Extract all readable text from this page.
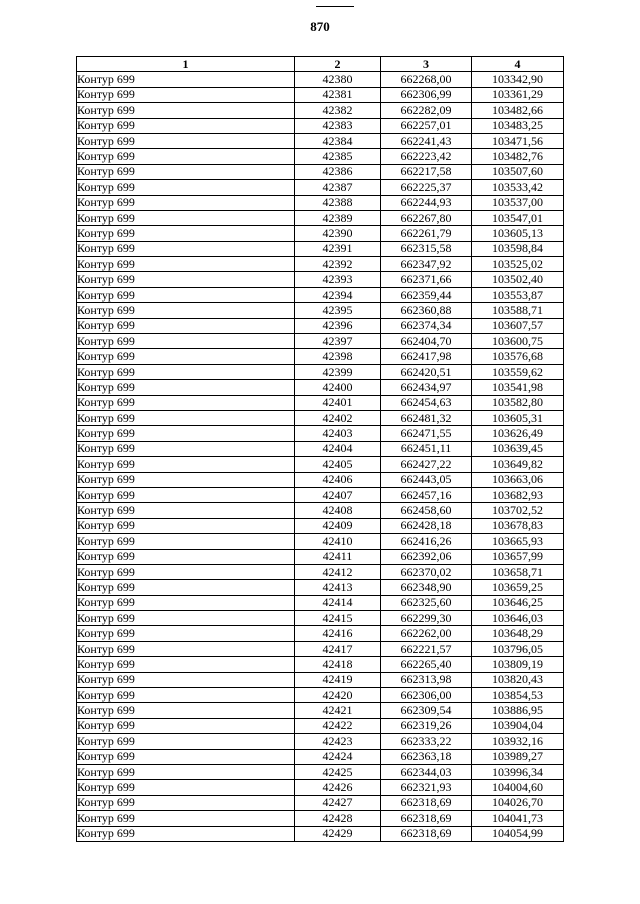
870
1	2	3	4
Контур 699	42380	662268,00	103342,90
Контур 699	42381	662306,99	103361,29
Контур 699	42382	662282,09	103482,66
Контур 699	42383	662257,01	103483,25
Контур 699	42384	662241,43	103471,56
Контур 699	42385	662223,42	103482,76
Контур 699	42386	662217,58	103507,60
Контур 699	42387	662225,37	103533,42
Контур 699	42388	662244,93	103537,00
Контур 699	42389	662267,80	103547,01
Контур 699	42390	662261,79	103605,13
Контур 699	42391	662315,58	103598,84
Контур 699	42392	662347,92	103525,02
Контур 699	42393	662371,66	103502,40
Контур 699	42394	662359,44	103553,87
Контур 699	42395	662360,88	103588,71
Контур 699	42396	662374,34	103607,57
Контур 699	42397	662404,70	103600,75
Контур 699	42398	662417,98	103576,68
Контур 699	42399	662420,51	103559,62
Контур 699	42400	662434,97	103541,98
Контур 699	42401	662454,63	103582,80
Контур 699	42402	662481,32	103605,31
Контур 699	42403	662471,55	103626,49
Контур 699	42404	662451,11	103639,45
Контур 699	42405	662427,22	103649,82
Контур 699	42406	662443,05	103663,06
Контур 699	42407	662457,16	103682,93
Контур 699	42408	662458,60	103702,52
Контур 699	42409	662428,18	103678,83
Контур 699	42410	662416,26	103665,93
Контур 699	42411	662392,06	103657,99
Контур 699	42412	662370,02	103658,71
Контур 699	42413	662348,90	103659,25
Контур 699	42414	662325,60	103646,25
Контур 699	42415	662299,30	103646,03
Контур 699	42416	662262,00	103648,29
Контур 699	42417	662221,57	103796,05
Контур 699	42418	662265,40	103809,19
Контур 699	42419	662313,98	103820,43
Контур 699	42420	662306,00	103854,53
Контур 699	42421	662309,54	103886,95
Контур 699	42422	662319,26	103904,04
Контур 699	42423	662333,22	103932,16
Контур 699	42424	662363,18	103989,27
Контур 699	42425	662344,03	103996,34
Контур 699	42426	662321,93	104004,60
Контур 699	42427	662318,69	104026,70
Контур 699	42428	662318,69	104041,73
Контур 699	42429	662318,69	104054,99
